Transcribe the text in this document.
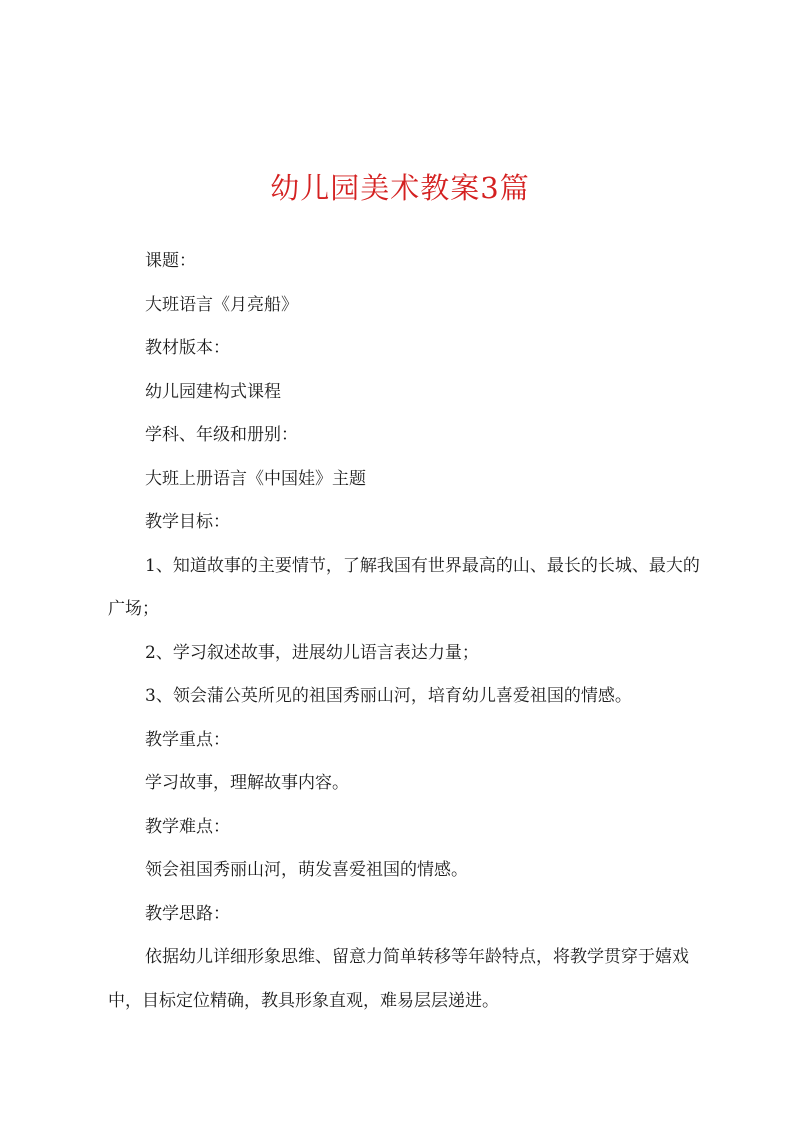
幼儿园美术教案3篇

课题：

大班语言《月亮船》

教材版本：

幼儿园建构式课程

学科、年级和册别：

大班上册语言《中国娃》主题

教学目标：

1、知道故事的主要情节，了解我国有世界最高的山、最长的长城、最大的广场；

2、学习叙述故事，进展幼儿语言表达力量；

3、领会蒲公英所见的祖国秀丽山河，培育幼儿喜爱祖国的情感。

教学重点：

学习故事，理解故事内容。

教学难点：

领会祖国秀丽山河，萌发喜爱祖国的情感。

教学思路：

依据幼儿详细形象思维、留意力简单转移等年龄特点，将教学贯穿于嬉戏中，目标定位精确，教具形象直观，难易层层递进。
